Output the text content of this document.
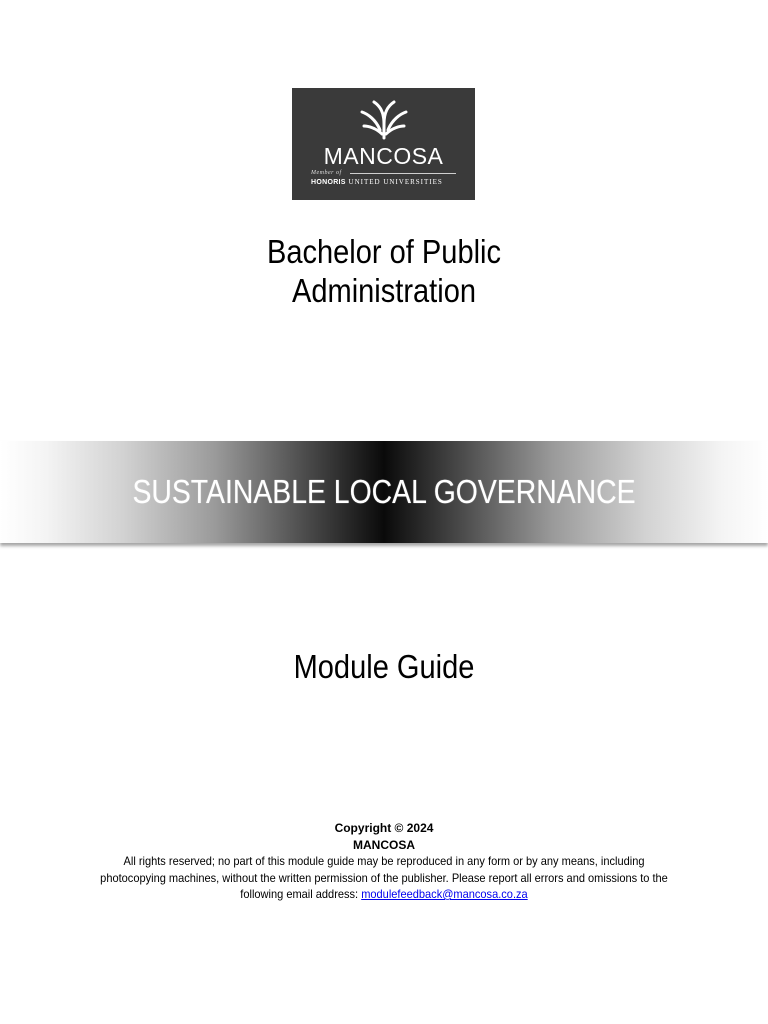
MANCOSA
Member of
HONORIS UNITED UNIVERSITIES
Bachelor of Public
Administration
SUSTAINABLE LOCAL GOVERNANCE
Module Guide
Copyright © 2024
MANCOSA
All rights reserved; no part of this module guide may be reproduced in any form or by any means, including photocopying machines, without the written permission of the publisher. Please report all errors and omissions to the following email address: modulefeedback@mancosa.co.za
